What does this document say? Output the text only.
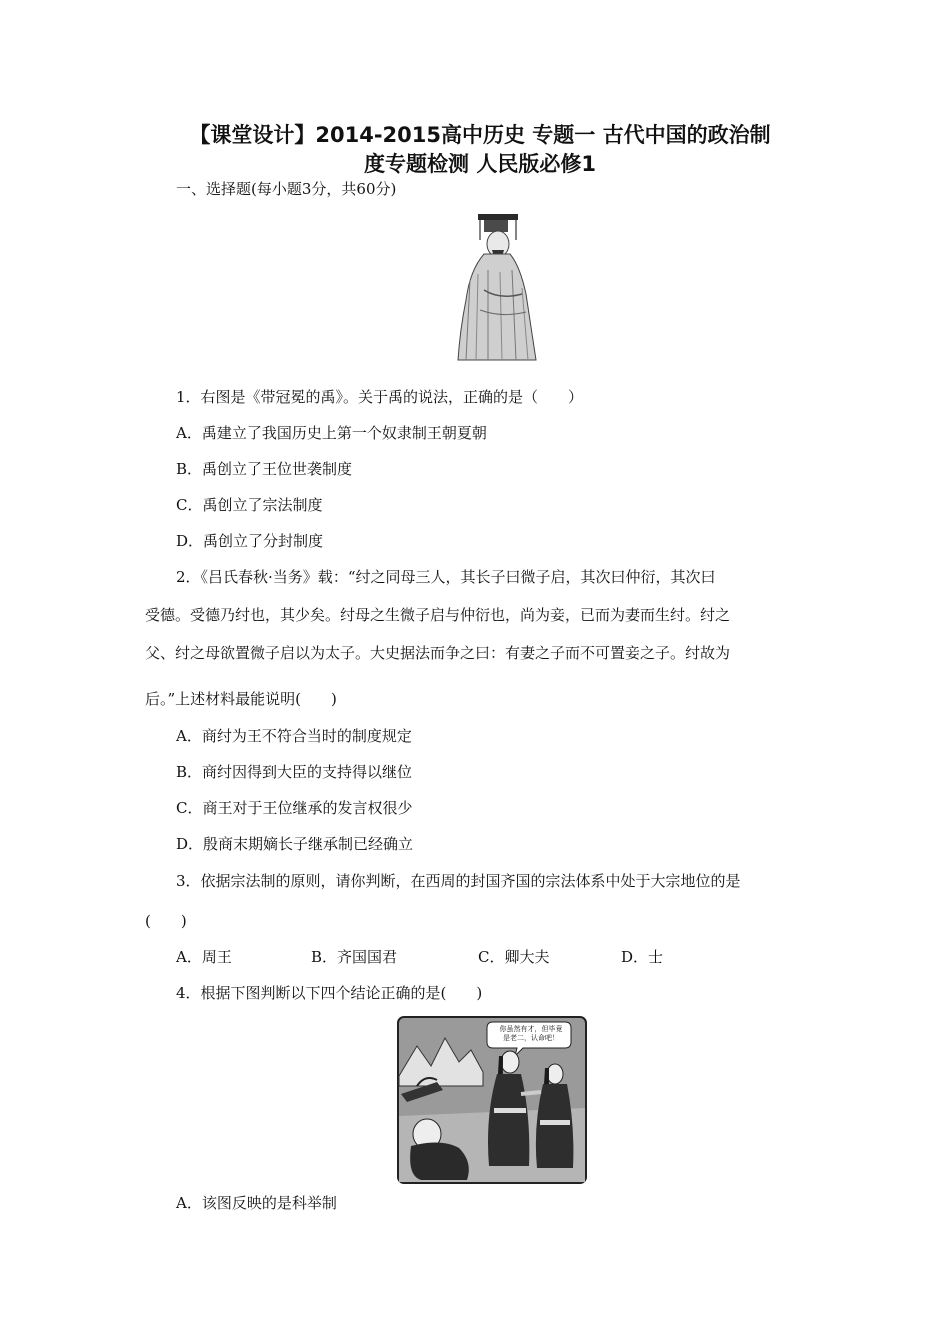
【课堂设计】2014-2015高中历史 专题一 古代中国的政治制
度专题检测 人民版必修1
一、选择题(每小题3分，共60分)
1．右图是《带冠冕的禹》。关于禹的说法，正确的是（　　）
A．禹建立了我国历史上第一个奴隶制王朝夏朝
B．禹创立了王位世袭制度
C．禹创立了宗法制度
D．禹创立了分封制度
2．《吕氏春秋·当务》载：“纣之同母三人，其长子曰微子启，其次曰仲衍，其次曰
受德。受德乃纣也，其少矣。纣母之生微子启与仲衍也，尚为妾，已而为妻而生纣。纣之
父、纣之母欲置微子启以为太子。大史据法而争之曰：有妻之子而不可置妾之子。纣故为
后。”上述材料最能说明(　　)
A．商纣为王不符合当时的制度规定
B．商纣因得到大臣的支持得以继位
C．商王对于王位继承的发言权很少
D．殷商末期嫡长子继承制已经确立
3．依据宗法制的原则，请你判断，在西周的封国齐国的宗法体系中处于大宗地位的是
(　　)
A．周王	B．齐国国君	C．卿大夫	D．士
4．根据下图判断以下四个结论正确的是(　　)
你虽然有才，但毕竟
是老二，认命吧！
A．该图反映的是科举制
